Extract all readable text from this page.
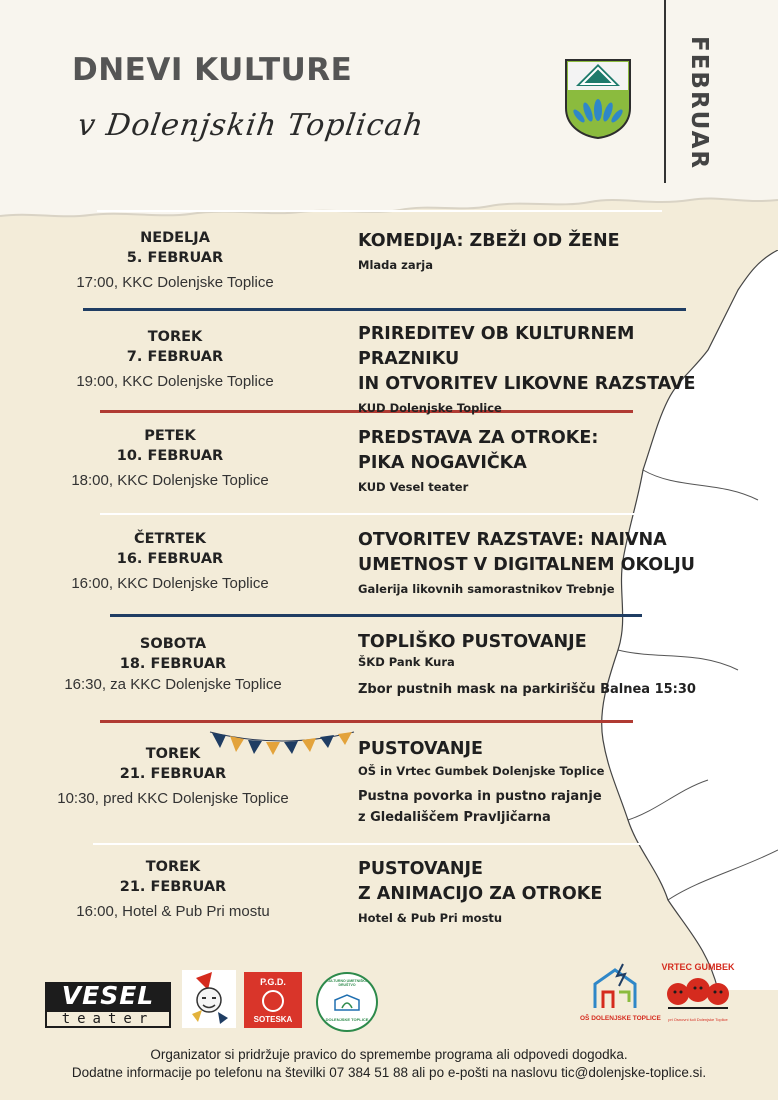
DNEVI KULTURE
v Dolenjskih Toplicah	FEBRUAR
NEDELJA
5. FEBRUAR
17:00, KKC Dolenjske Toplice
KOMEDIJA: ZBEŽI OD ŽENE
Mlada zarja
TOREK
7. FEBRUAR
19:00, KKC Dolenjske Toplice
PRIREDITEV OB KULTURNEM PRAZNIKU
IN OTVORITEV LIKOVNE RAZSTAVE
KUD Dolenjske Toplice
PETEK
10. FEBRUAR
18:00, KKC Dolenjske Toplice
PREDSTAVA ZA OTROKE:
PIKA NOGAVIČKA
KUD Vesel teater
ČETRTEK
16. FEBRUAR
16:00, KKC Dolenjske Toplice
OTVORITEV RAZSTAVE: NAIVNA
UMETNOST V DIGITALNEM OKOLJU
Galerija likovnih samorastnikov Trebnje
SOBOTA
18. FEBRUAR
16:30, za KKC Dolenjske Toplice
TOPLIŠKO PUSTOVANJE
ŠKD Pank Kura
Zbor pustnih mask na parkirišču Balnea 15:30
TOREK
21. FEBRUAR
10:30, pred KKC Dolenjske Toplice
PUSTOVANJE
OŠ in Vrtec Gumbek Dolenjske Toplice
Pustna povorka in pustno rajanje
z Gledališčem Pravljičarna
TOREK
21. FEBRUAR
16:00, Hotel & Pub Pri mostu
PUSTOVANJE
Z ANIMACIJO ZA OTROKE
Hotel & Pub Pri mostu
VESEL
teater
P.G.D.
SOTESKA
KULTURNO UMETNIŠKO DRUŠTVO
DOLENJSKE TOPLICE	OŠ DOLENJSKE TOPLICE
VRTEC GUMBEK
pri Osnovni šoli Dolenjske Toplice
Organizator si pridržuje pravico do spremembe programa ali odpovedi dogodka.
Dodatne informacije po telefonu na številki 07 384 51 88 ali po e-pošti na naslovu tic@dolenjske-toplice.si.
